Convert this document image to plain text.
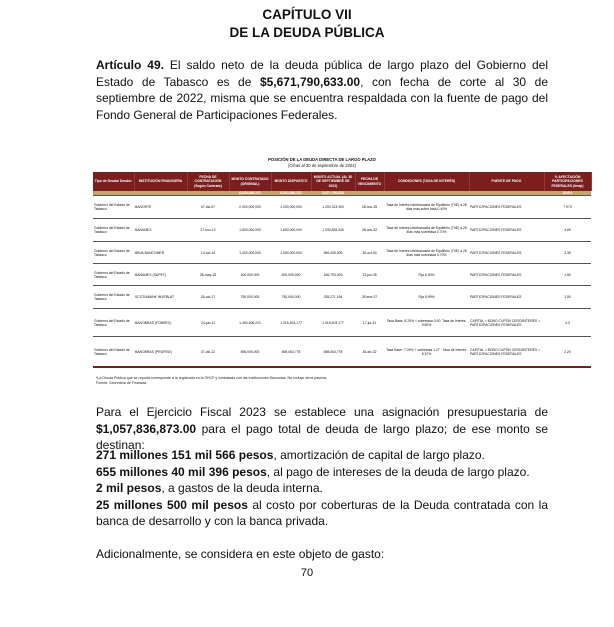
CAPÍTULO VII
DE LA DEUDA PÚBLICA
Artículo 49. El saldo neto de la deuda pública de largo plazo del Gobierno del Estado de Tabasco es de $5,671,790,633.00, con fecha de corte al 30 de septiembre de 2022, misma que se encuentra respaldada con la fuente de pago del Fondo General de Participaciones Federales.
POSICIÓN DE LA DEUDA DIRECTA DE LARGO PLAZO
(Cifras al 30 de septiembre de 2022)
Tipo de Deuda/ Deudor	INSTITUCIÓN FINANCIERA	FECHA DE CONTRATACIÓN (Según Contrato)	MONTO CONTRATADO (ORIGINAL)	MONTO DISPUESTO	MONTO ACTUAL (AL 30 DE SEPTIEMBRE DE 2022)	FECHA DE VENCIMIENTO	CONDICIONES (TASA DE INTERÉS)	FUENTE DE PAGO	% AFECTACIÓN PARTICIPACIONES FEDERALES (fmdp)
			8,840,466,221	8,840,466,221	5,671,790,633				34.6%
Gobierno del Estado de Tabasco	BANORTE	07-dic-07	2,000,000,000	1,000,000,000	1,200,313,300	28-nov-35	Tasa de Interés Interbancaria de Equilibrio (TIIE) a 28 días más sobre tasa 0.40%	PARTICIPACIONES FEDERALES	7.973
Gobierno del Estado de Tabasco	BANAMEX	27-nov-12	1,600,000,000	1,600,000,000	1,039,828,340	28-nov-32	Tasa de Interés Interbancaria de Equilibrio (TIIE) a 28 días más sobretasa 0.70%	PARTICIPACIONES FEDERALES	4.69
Gobierno del Estado de Tabasco	BBVA BANCOMER	13-oct-14	1,000,000,000	1,000,000,000	856,439,309	30-oct-34	Tasa de Interés Interbancaria de Equilibrio (TIIE) a 28 días más sobretasa 0.70%	PARTICIPACIONES FEDERALES	3.35
Gobierno del Estado de Tabasco	BANAMEX (SUPET)	28-may-15	400,000,000	400,000,000	166,793,003	13-jun-35	Fija 6.00%	PARTICIPACIONES FEDERALES	1.50
Gobierno del Estado de Tabasco	SCOTIABANK INVERLAT	26-oct-17	750,000,000	750,000,000	335,271,164	28-ene-37	Fija 8.99%	PARTICIPACIONES FEDERALES	1.50
Gobierno del Estado de Tabasco	BANOBRAS (FONREC)	24-jun-11	1,454,406,221	1,015,403,177	1,015,403,177	17-jul-31	Tasa Base: 8.20% + sobretasa 0.90. Tasa de Interés: 9.50%	CAPITAL = BONO CUPÓN CERO/INTERÉS = PARTICIPACIONES FEDERALES	3.3
Gobierno del Estado de Tabasco	BANOBRAS (PROFISE)	07-dic-12	696,000,000	698,063,778	698,063,778	28-dic-32	Tasa Base: 7.09% + sobretasa 1.27 · Tasa de Interés: 8.37%	CAPITAL = BONO CUPÓN CERO/INTERÉS = PARTICIPACIONES FEDERALES	2.20
*La Deuda Pública que se reporta corresponde a la registrada en la SHCP y contratada con las Instituciones Bancarias. No incluye otros pasivos
Fuente: Secretaría de Finanzas
Para el Ejercicio Fiscal 2023 se establece una asignación presupuestaria de $1,057,836,873.00 para el pago total de deuda de largo plazo; de ese monto se destinan:
271 millones 151 mil 566 pesos, amortización de capital de largo plazo.
655 millones 40 mil 396 pesos, al pago de intereses de la deuda de largo plazo.
2 mil pesos, a gastos de la deuda interna.
25 millones 500 mil pesos al costo por coberturas de la Deuda contratada con la banca de desarrollo y con la banca privada.
Adicionalmente, se considera en este objeto de gasto:
70
